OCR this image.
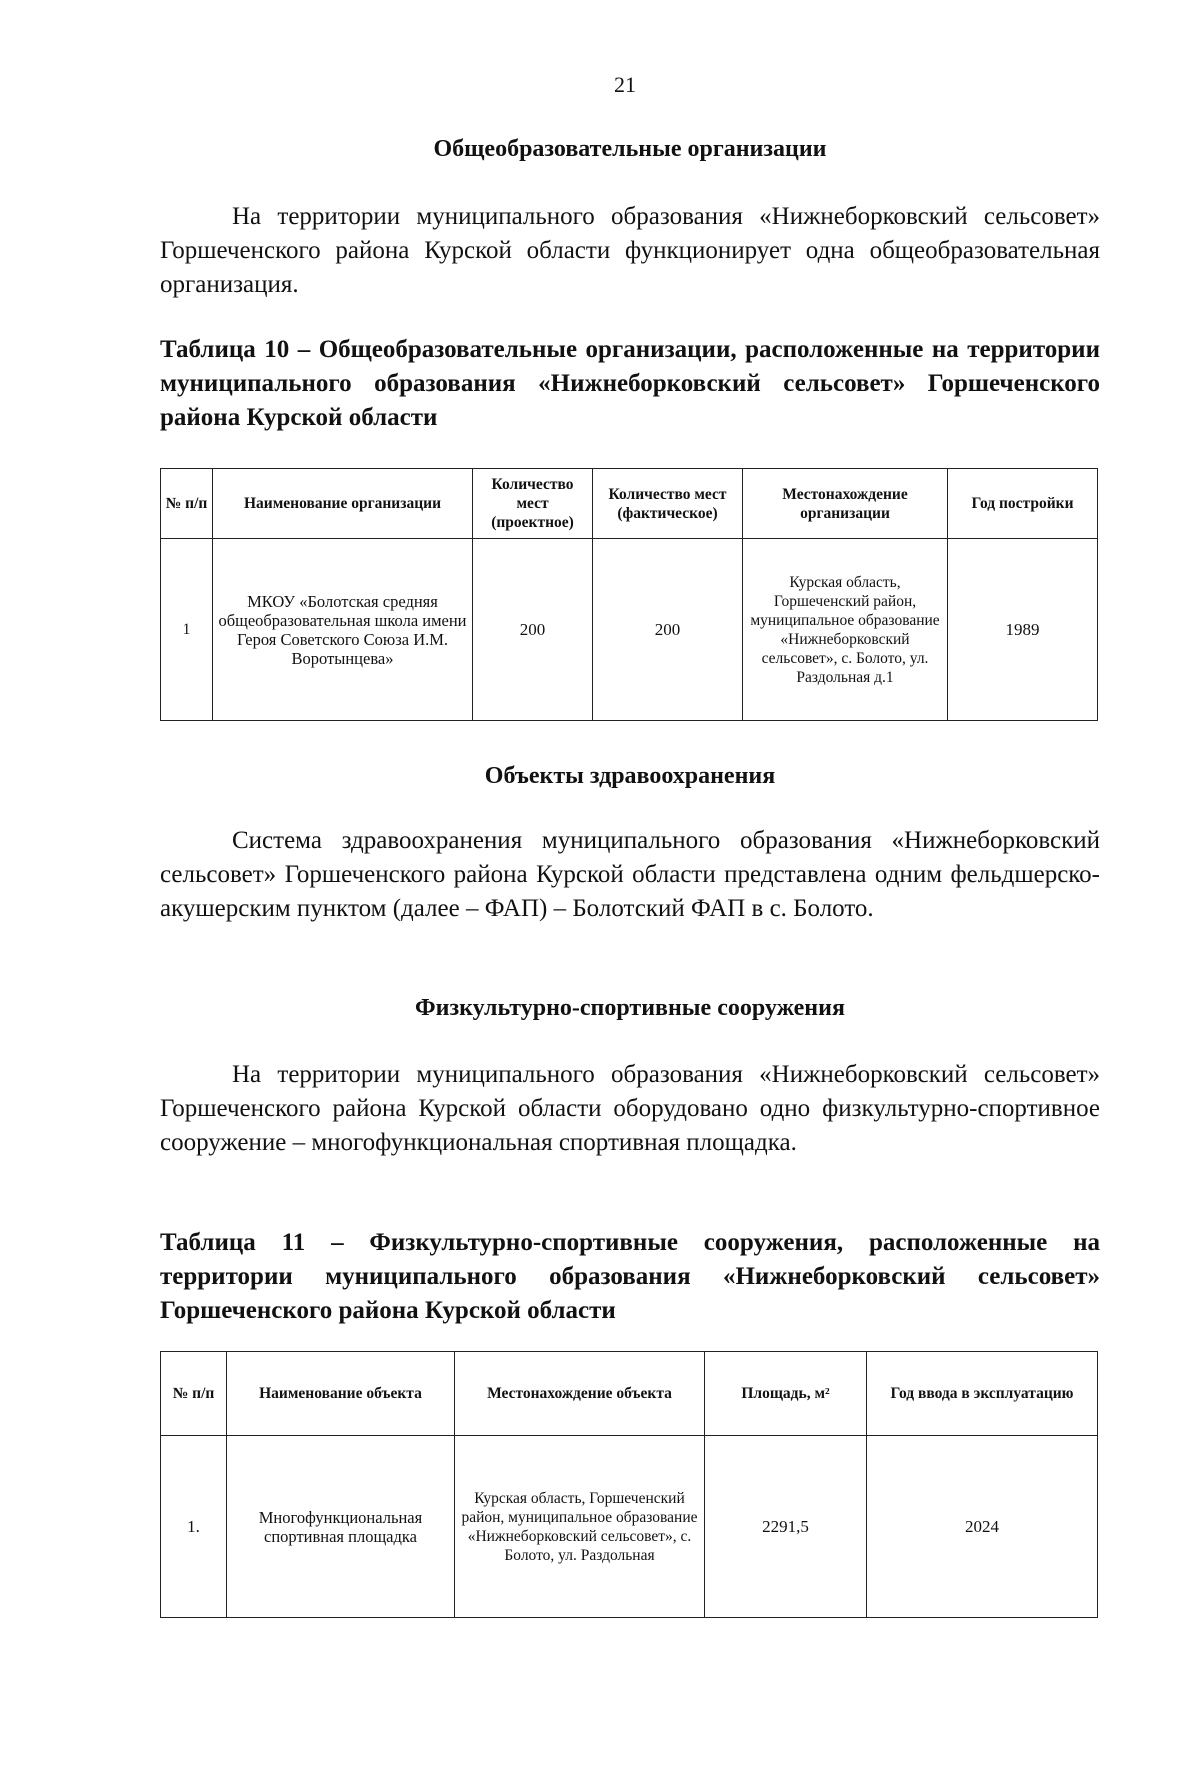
21
Общеобразовательные организации

На территории муниципального образования «Нижнеборковский сельсовет» Горшеченского района Курской области функционирует одна общеобразовательная организация.

Таблица 10 – Общеобразовательные организации, расположенные на территории муниципального образования «Нижнеборковский сельсовет» Горшеченского района Курской области

№ п/п	Наименование организации	Количество мест (проектное)	Количество мест (фактическое)	Местонахождение организации	Год постройки
1	МКОУ «Болотская средняя общеобразовательная школа имени Героя Советского Союза И.М. Воротынцева»	200	200	Курская область, Горшеченский район, муниципальное образование «Нижнеборковский сельсовет», с. Болото, ул. Раздольная д.1	1989
Объекты здравоохранения

Система здравоохранения муниципального образования «Нижнеборковский сельсовет» Горшеченского района Курской области представлена одним фельдшерско-акушерским пунктом (далее – ФАП) – Болотский ФАП в с. Болото.

Физкультурно-спортивные сооружения

На территории муниципального образования «Нижнеборковский сельсовет» Горшеченского района Курской области оборудовано одно физкультурно-спортивное сооружение – многофункциональная спортивная площадка.

Таблица 11 – Физкультурно-спортивные сооружения, расположенные на территории муниципального образования «Нижнеборковский сельсовет» Горшеченского района Курской области

№ п/п	Наименование объекта	Местонахождение объекта	Площадь, м²	Год ввода в эксплуатацию
1.	Многофункциональная спортивная площадка	Курская область, Горшеченский район, муниципальное образование «Нижнеборковский сельсовет», с. Болото, ул. Раздольная	2291,5	2024
